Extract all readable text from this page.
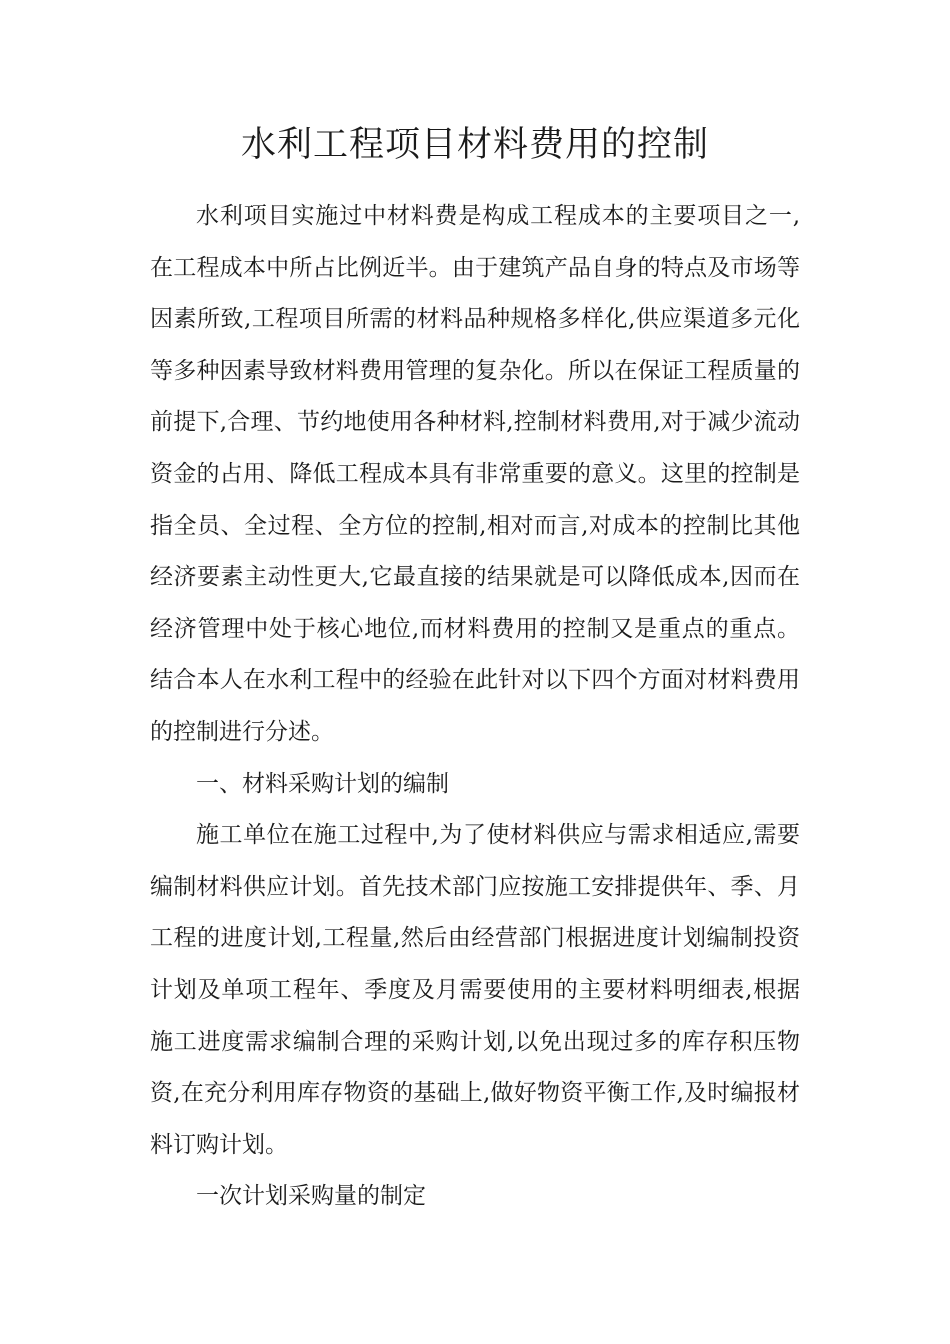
水利工程项目材料费用的控制

水利项目实施过中材料费是构成工程成本的主要项目之一,在工程成本中所占比例近半。由于建筑产品自身的特点及市场等因素所致,工程项目所需的材料品种规格多样化,供应渠道多元化等多种因素导致材料费用管理的复杂化。所以在保证工程质量的前提下,合理、节约地使用各种材料,控制材料费用,对于减少流动资金的占用、降低工程成本具有非常重要的意义。这里的控制是指全员、全过程、全方位的控制,相对而言,对成本的控制比其他经济要素主动性更大,它最直接的结果就是可以降低成本,因而在经济管理中处于核心地位,而材料费用的控制又是重点的重点。结合本人在水利工程中的经验在此针对以下四个方面对材料费用的控制进行分述。

一、材料采购计划的编制

施工单位在施工过程中,为了使材料供应与需求相适应,需要编制材料供应计划。首先技术部门应按施工安排提供年、季、月工程的进度计划,工程量,然后由经营部门根据进度计划编制投资计划及单项工程年、季度及月需要使用的主要材料明细表,根据施工进度需求编制合理的采购计划,以免出现过多的库存积压物资,在充分利用库存物资的基础上,做好物资平衡工作,及时编报材料订购计划。

一次计划采购量的制定
